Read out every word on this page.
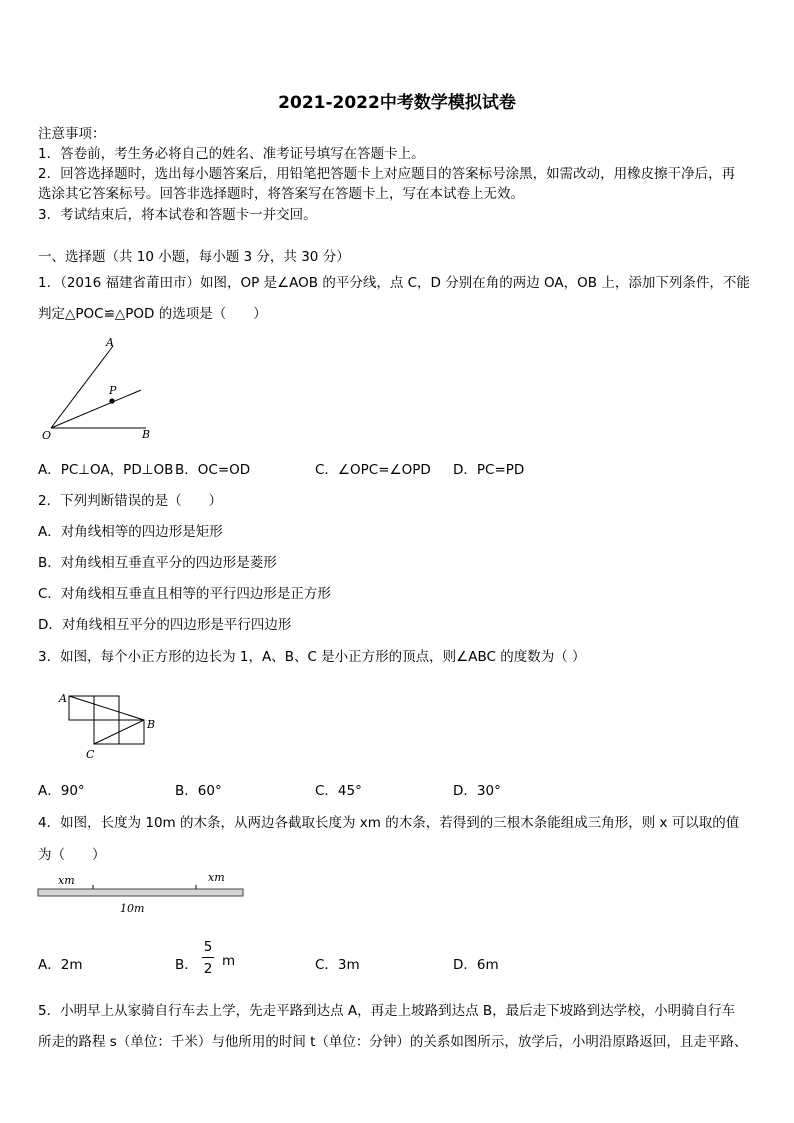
2021-2022中考数学模拟试卷
注意事项：
1．答卷前，考生务必将自己的姓名、准考证号填写在答题卡上。
2．回答选择题时，选出每小题答案后，用铅笔把答题卡上对应题目的答案标号涂黑，如需改动，用橡皮擦干净后，再
选涂其它答案标号。回答非选择题时，将答案写在答题卡上，写在本试卷上无效。
3．考试结束后，将本试卷和答题卡一并交回。
一、选择题（共 10 小题，每小题 3 分，共 30 分）
1．（2016 福建省莆田市）如图，OP 是∠AOB 的平分线，点 C，D 分别在角的两边 OA，OB 上，添加下列条件，不能
判定△POC≌△POD 的选项是（　　）
A
P
O	B
A．PC⊥OA，PD⊥OB B．OC=OD	C．∠OPC=∠OPD D．PC=PD
2．下列判断错误的是（　　）
A．对角线相等的四边形是矩形
B．对角线相互垂直平分的四边形是菱形
C．对角线相互垂直且相等的平行四边形是正方形
D．对角线相互平分的四边形是平行四边形
3．如图，每个小正方形的边长为 1，A、B、C 是小正方形的顶点，则∠ABC 的度数为（ ）
A
B
C
A．90°	B．60°	C．45°	D．30°
4．如图，长度为 10m 的木条，从两边各截取长度为 xm 的木条，若得到的三根木条能组成三角形，则 x 可以取的值
为（　　）
xm	xm
10m
A．2m	B．
5
2 m	C．3m	D．6m
5．小明早上从家骑自行车去上学，先走平路到达点 A，再走上坡路到达点 B，最后走下坡路到达学校，小明骑自行车
所走的路程 s（单位：千米）与他所用的时间 t（单位：分钟）的关系如图所示，放学后，小明沿原路返回，且走平路、
